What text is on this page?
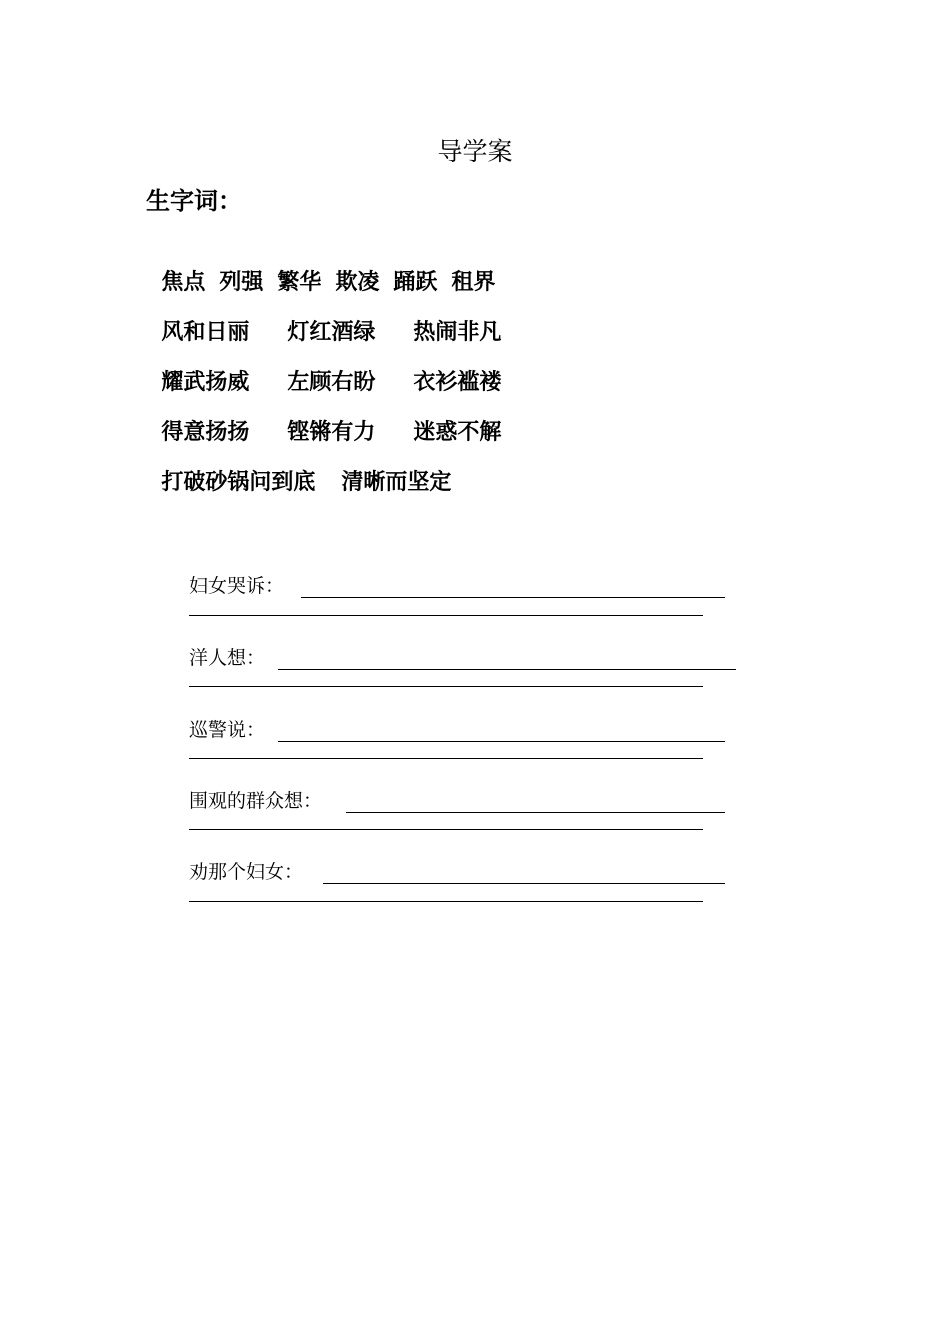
导学案
生字词：

焦点 列强 繁华 欺凌 踊跃 租界

风和日丽 灯红酒绿 热闹非凡

耀武扬威 左顾右盼 衣衫褴褛

得意扬扬 铿锵有力 迷惑不解

打破砂锅问到底 清晰而坚定

妇女哭诉：
洋人想：
巡警说：
围观的群众想：
劝那个妇女：
